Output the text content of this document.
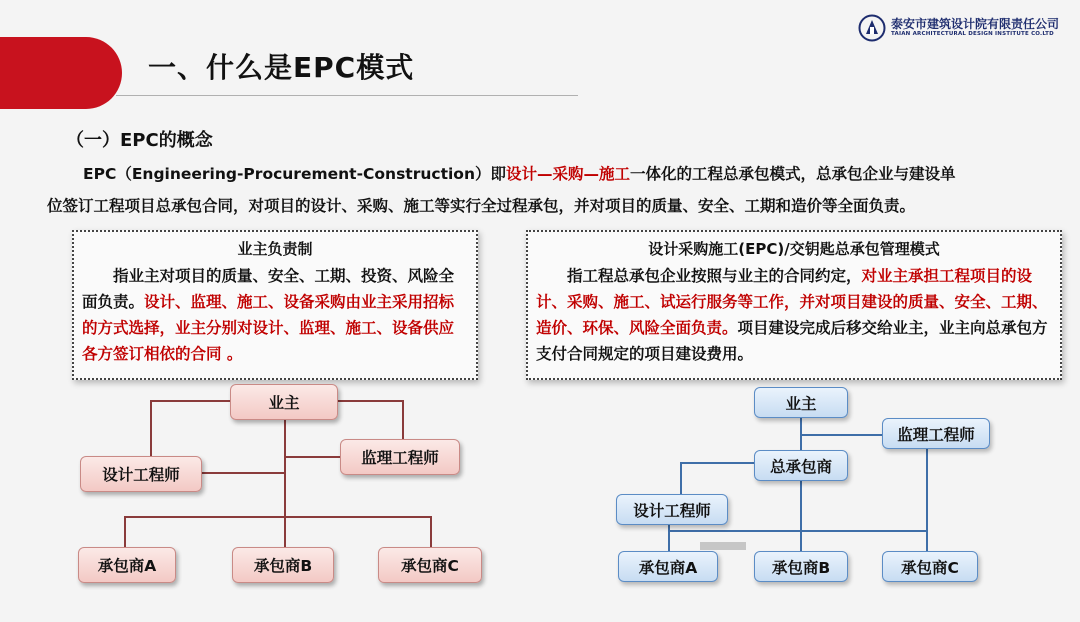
一、什么是EPC模式
泰安市建筑设计院有限责任公司
TAIAN ARCHITECTURAL DESIGN INSTITUTE CO.LTD
（一）EPC的概念
EPC（Engineering-Procurement-Construction）即设计—采购—施工一体化的工程总承包模式，总承包企业与建设单
位签订工程项目总承包合同，对项目的设计、采购、施工等实行全过程承包，并对项目的质量、安全、工期和造价等全面负责。
业主负责制
指业主对项目的质量、安全、工期、投资、风险全面负责。设计、监理、施工、设备采购由业主采用招标的方式选择，业主分别对设计、监理、施工、设备供应各方签订相依的合同 。
设计采购施工(EPC)/交钥匙总承包管理模式
指工程总承包企业按照与业主的合同约定，对业主承担工程项目的设计、采购、施工、试运行服务等工作，并对项目建设的质量、安全、工期、造价、环保、风险全面负责。项目建设完成后移交给业主，业主向总承包方支付合同规定的项目建设费用。
业主
监理工程师
设计工程师
承包商A	承包商B	承包商C
业主
监理工程师
总承包商
设计工程师
承包商A	承包商B	承包商C
